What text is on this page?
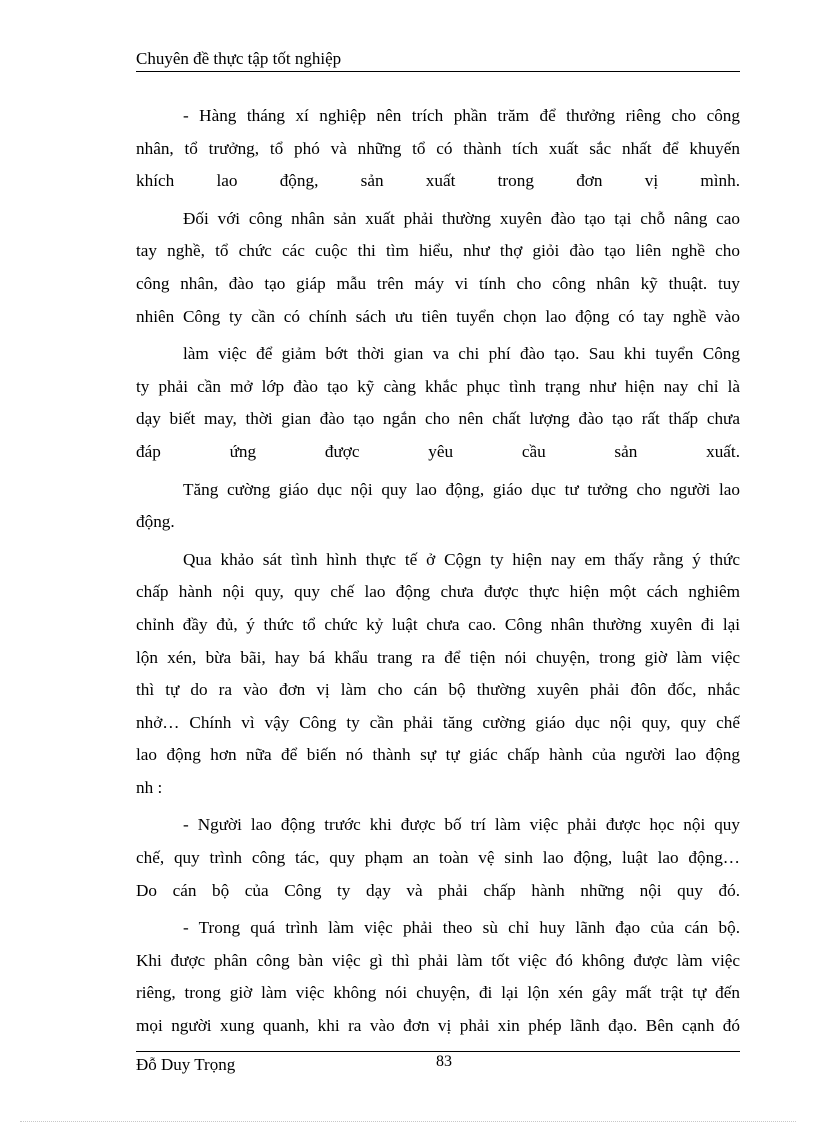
Chuyên đề thực tập tốt nghiệp
- Hàng tháng xí nghiệp nên trích phần trăm để thưởng riêng cho công
nhân, tổ trưởng, tổ phó và những tổ có thành tích xuất sắc nhất để khuyến
khích lao động, sản xuất trong đơn vị mình.
Đối với công nhân sản xuất phải thường xuyên đào tạo tại chỗ nâng cao
tay nghề, tổ chức các cuộc thi tìm hiểu, như thợ giỏi đào tạo liên nghề cho
công nhân, đào tạo giáp mẫu trên máy vi tính cho công nhân kỹ thuật. tuy
nhiên Công ty cần có chính sách ưu tiên tuyển chọn lao động có tay nghề vào
làm việc để giảm bớt thời gian va chi phí đào tạo. Sau khi tuyển Công
ty phải cần mở lớp đào tạo kỹ càng khắc phục tình trạng như hiện nay chỉ là
dạy biết may, thời gian đào tạo ngắn cho nên chất lượng đào tạo rất thấp chưa
đáp ứng được yêu cầu sản xuất.
Tăng cường giáo dục nội quy lao động, giáo dục tư tưởng cho người lao
động.
Qua khảo sát tình hình thực tế ở Cộgn ty hiện nay em thấy rằng ý thức
chấp hành nội quy, quy chế lao động chưa được thực hiện một cách nghiêm
chỉnh đầy đủ, ý thức tổ chức kỷ luật chưa cao. Công nhân thường xuyên đi lại
lộn xén, bừa bãi, hay bá khẩu trang ra để tiện nói chuyện, trong giờ làm việc
thì tự do ra vào đơn vị làm cho cán bộ thường xuyên phải đôn đốc, nhắc
nhở… Chính vì vậy Công ty cần phải tăng cường giáo dục nội quy, quy chế
lao động hơn nữa để biến nó thành sự tự giác chấp hành của người lao động
nh :
- Người lao động trước khi được bố trí làm việc phải được học nội quy
chế, quy trình công tác, quy phạm an toàn vệ sinh lao động, luật lao động…
Do cán bộ của Công ty dạy và phải chấp hành những nội quy đó.
- Trong quá trình làm việc phải theo sù chỉ huy lãnh đạo của cán bộ.
Khi được phân công bàn việc gì thì phải làm tốt việc đó không được làm việc
riêng, trong giờ làm việc không nói chuyện, đi lại lộn xén gây mất trật tự đến
mọi người xung quanh, khi ra vào đơn vị phải xin phép lãnh đạo. Bên cạnh đó
Đỗ Duy Trọng	83
